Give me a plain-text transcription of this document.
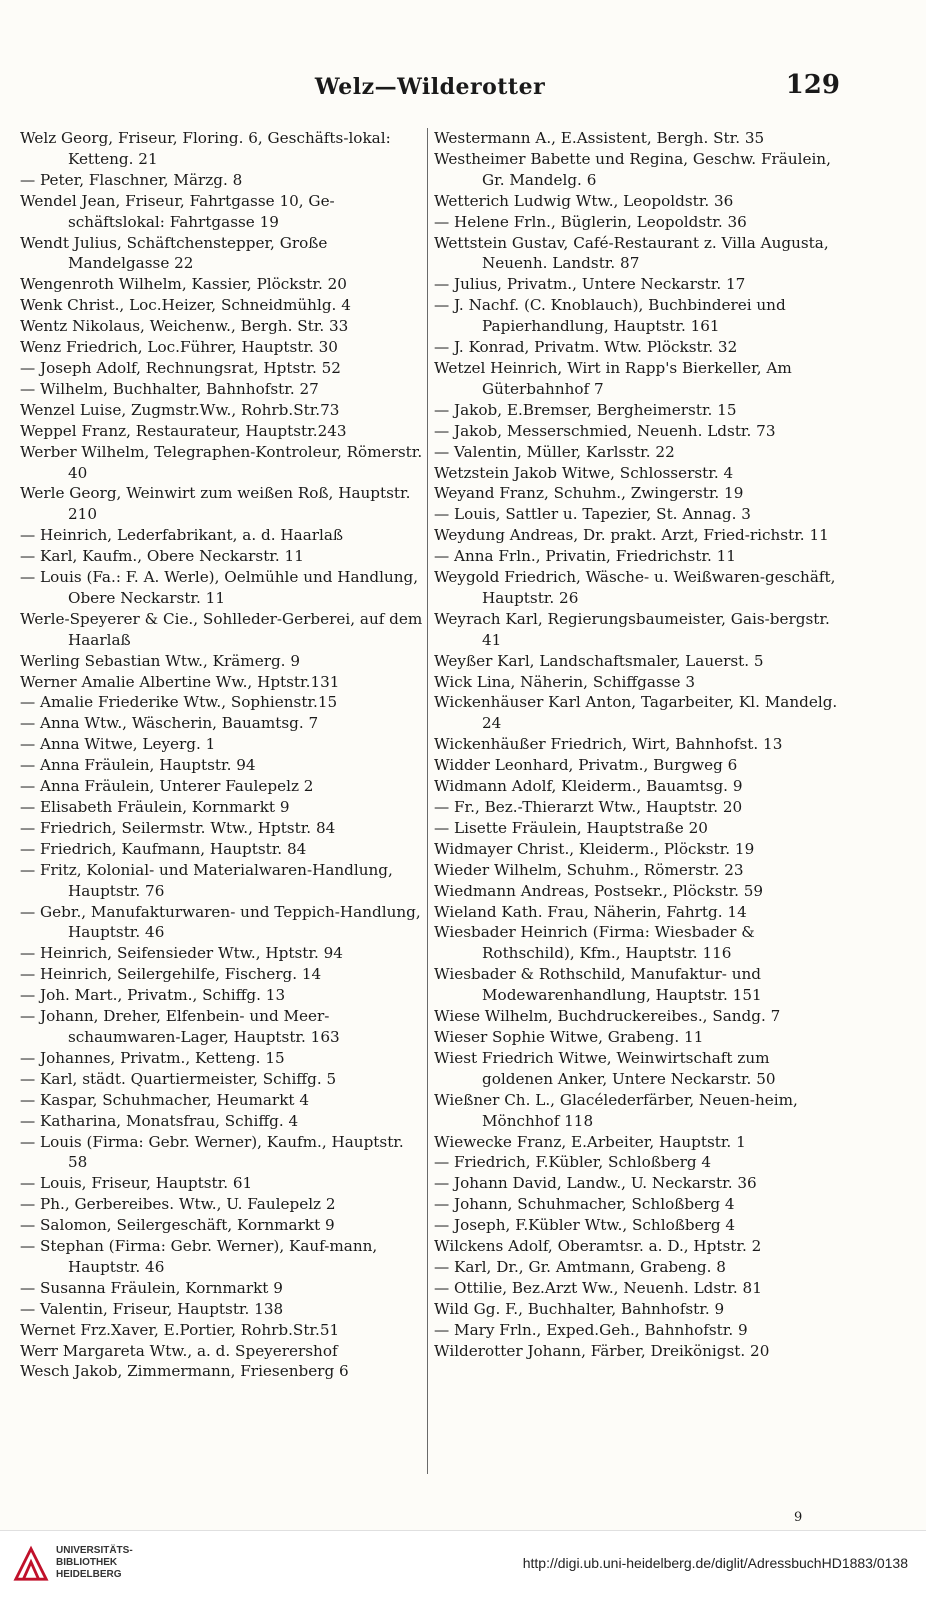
Welz—Wilderotter	129
Welz Georg, Friseur, Floring. 6, Geschäfts-lokal: Ketteng. 21
— Peter, Flaschner, Märzg. 8
Wendel Jean, Friseur, Fahrtgasse 10, Ge-schäftslokal: Fahrtgasse 19
Wendt Julius, Schäftchenstepper, Große Mandelgasse 22
Wengenroth Wilhelm, Kassier, Plöckstr. 20
Wenk Christ., Loc.Heizer, Schneidmühlg. 4
Wentz Nikolaus, Weichenw., Bergh. Str. 33
Wenz Friedrich, Loc.Führer, Hauptstr. 30
— Joseph Adolf, Rechnungsrat, Hptstr. 52
— Wilhelm, Buchhalter, Bahnhofstr. 27
Wenzel Luise, Zugmstr.Ww., Rohrb.Str.73
Weppel Franz, Restaurateur, Hauptstr.243
Werber Wilhelm, Telegraphen-Kontroleur, Römerstr. 40
Werle Georg, Weinwirt zum weißen Roß, Hauptstr. 210
— Heinrich, Lederfabrikant, a. d. Haarlaß
— Karl, Kaufm., Obere Neckarstr. 11
— Louis (Fa.: F. A. Werle), Oelmühle und Handlung, Obere Neckarstr. 11
Werle-Speyerer & Cie., Sohlleder-Gerberei, auf dem Haarlaß
Werling Sebastian Wtw., Krämerg. 9
Werner Amalie Albertine Ww., Hptstr.131
— Amalie Friederike Wtw., Sophienstr.15
— Anna Wtw., Wäscherin, Bauamtsg. 7
— Anna Witwe, Leyerg. 1
— Anna Fräulein, Hauptstr. 94
— Anna Fräulein, Unterer Faulepelz 2
— Elisabeth Fräulein, Kornmarkt 9
— Friedrich, Seilermstr. Wtw., Hptstr. 84
— Friedrich, Kaufmann, Hauptstr. 84
— Fritz, Kolonial- und Materialwaren-Handlung, Hauptstr. 76
— Gebr., Manufakturwaren- und Teppich-Handlung, Hauptstr. 46
— Heinrich, Seifensieder Wtw., Hptstr. 94
— Heinrich, Seilergehilfe, Fischerg. 14
— Joh. Mart., Privatm., Schiffg. 13
— Johann, Dreher, Elfenbein- und Meer-schaumwaren-Lager, Hauptstr. 163
— Johannes, Privatm., Ketteng. 15
— Karl, städt. Quartiermeister, Schiffg. 5
— Kaspar, Schuhmacher, Heumarkt 4
— Katharina, Monatsfrau, Schiffg. 4
— Louis (Firma: Gebr. Werner), Kaufm., Hauptstr. 58
— Louis, Friseur, Hauptstr. 61
— Ph., Gerbereibes. Wtw., U. Faulepelz 2
— Salomon, Seilergeschäft, Kornmarkt 9
— Stephan (Firma: Gebr. Werner), Kauf-mann, Hauptstr. 46
— Susanna Fräulein, Kornmarkt 9
— Valentin, Friseur, Hauptstr. 138
Wernet Frz.Xaver, E.Portier, Rohrb.Str.51
Werr Margareta Wtw., a. d. Speyerershof
Wesch Jakob, Zimmermann, Friesenberg 6
Westermann A., E.Assistent, Bergh. Str. 35
Westheimer Babette und Regina, Geschw. Fräulein, Gr. Mandelg. 6
Wetterich Ludwig Wtw., Leopoldstr. 36
— Helene Frln., Büglerin, Leopoldstr. 36
Wettstein Gustav, Café-Restaurant z. Villa Augusta, Neuenh. Landstr. 87
— Julius, Privatm., Untere Neckarstr. 17
— J. Nachf. (C. Knoblauch), Buchbinderei und Papierhandlung, Hauptstr. 161
— J. Konrad, Privatm. Wtw. Plöckstr. 32
Wetzel Heinrich, Wirt in Rapp's Bierkeller, Am Güterbahnhof 7
— Jakob, E.Bremser, Bergheimerstr. 15
— Jakob, Messerschmied, Neuenh. Ldstr. 73
— Valentin, Müller, Karlsstr. 22
Wetzstein Jakob Witwe, Schlosserstr. 4
Weyand Franz, Schuhm., Zwingerstr. 19
— Louis, Sattler u. Tapezier, St. Annag. 3
Weydung Andreas, Dr. prakt. Arzt, Fried-richstr. 11
— Anna Frln., Privatin, Friedrichstr. 11
Weygold Friedrich, Wäsche- u. Weißwaren-geschäft, Hauptstr. 26
Weyrach Karl, Regierungsbaumeister, Gais-bergstr. 41
Weyßer Karl, Landschaftsmaler, Lauerst. 5
Wick Lina, Näherin, Schiffgasse 3
Wickenhäuser Karl Anton, Tagarbeiter, Kl. Mandelg. 24
Wickenhäußer Friedrich, Wirt, Bahnhofst. 13
Widder Leonhard, Privatm., Burgweg 6
Widmann Adolf, Kleiderm., Bauamtsg. 9
— Fr., Bez.-Thierarzt Wtw., Hauptstr. 20
— Lisette Fräulein, Hauptstraße 20
Widmayer Christ., Kleiderm., Plöckstr. 19
Wieder Wilhelm, Schuhm., Römerstr. 23
Wiedmann Andreas, Postsekr., Plöckstr. 59
Wieland Kath. Frau, Näherin, Fahrtg. 14
Wiesbader Heinrich (Firma: Wiesbader & Rothschild), Kfm., Hauptstr. 116
Wiesbader & Rothschild, Manufaktur- und Modewarenhandlung, Hauptstr. 151
Wiese Wilhelm, Buchdruckereibes., Sandg. 7
Wieser Sophie Witwe, Grabeng. 11
Wiest Friedrich Witwe, Weinwirtschaft zum goldenen Anker, Untere Neckarstr. 50
Wießner Ch. L., Glacélederfärber, Neuen-heim, Mönchhof 118
Wiewecke Franz, E.Arbeiter, Hauptstr. 1
— Friedrich, F.Kübler, Schloßberg 4
— Johann David, Landw., U. Neckarstr. 36
— Johann, Schuhmacher, Schloßberg 4
— Joseph, F.Kübler Wtw., Schloßberg 4
Wilckens Adolf, Oberamtsr. a. D., Hptstr. 2
— Karl, Dr., Gr. Amtmann, Grabeng. 8
— Ottilie, Bez.Arzt Ww., Neuenh. Ldstr. 81
Wild Gg. F., Buchhalter, Bahnhofstr. 9
— Mary Frln., Exped.Geh., Bahnhofstr. 9
Wilderotter Johann, Färber, Dreikönigst. 20
9
UNIVERSITÄTS-
BIBLIOTHEK
HEIDELBERG
http://digi.ub.uni-heidelberg.de/diglit/AdressbuchHD1883/0138
